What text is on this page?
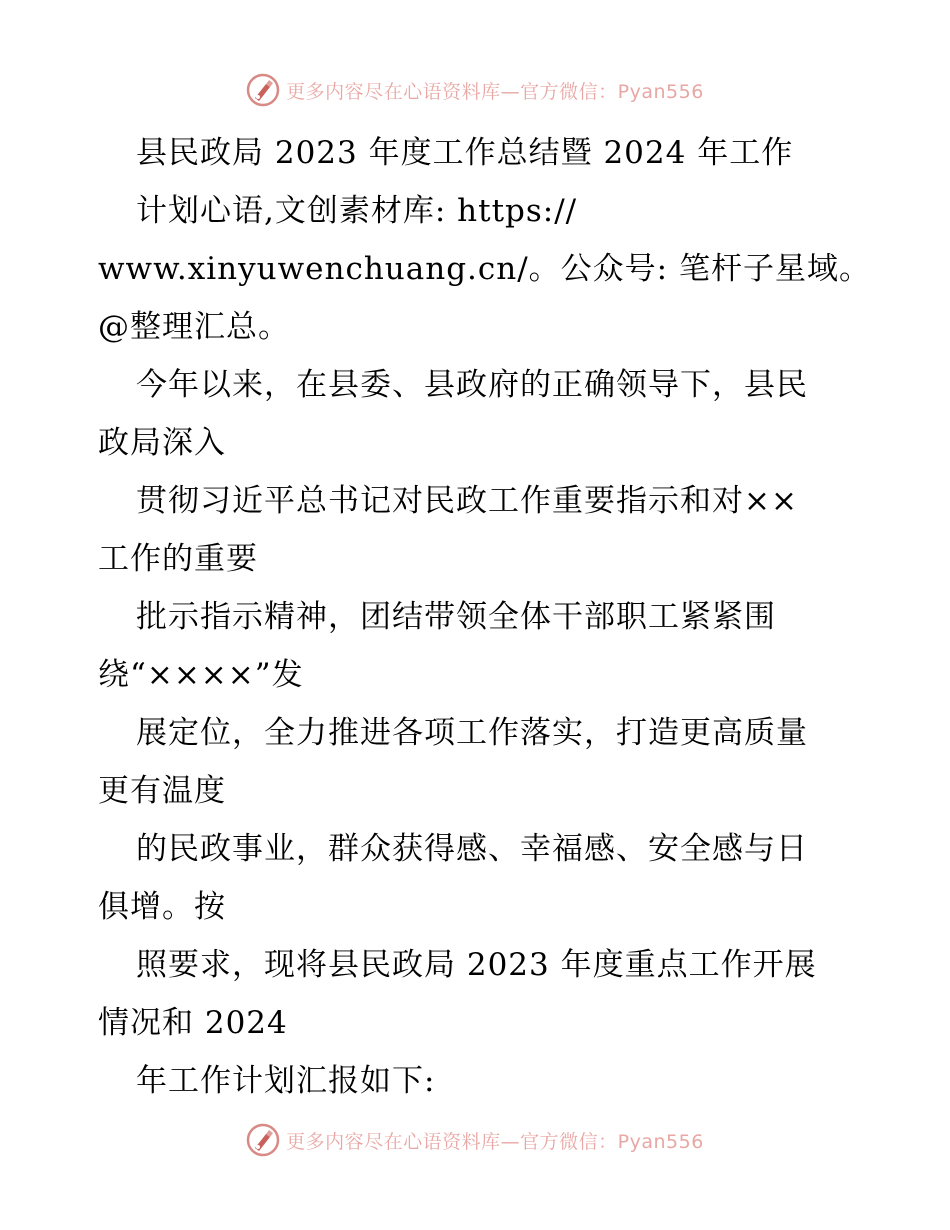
更多内容尽在心语资料库—官方微信：Pyan556
县民政局 2023 年度工作总结暨 2024 年工作
计划心语,文创素材库: https://
www.xinyuwenchuang.cn/。公众号: 笔杆子星域。
@整理汇总。
今年以来，在县委、县政府的正确领导下，县民
政局深入
贯彻习近平总书记对民政工作重要指示和对××
工作的重要
批示指示精神，团结带领全体干部职工紧紧围
绕“××××”发
展定位，全力推进各项工作落实，打造更高质量
更有温度
的民政事业，群众获得感、幸福感、安全感与日
俱增。按
照要求，现将县民政局 2023 年度重点工作开展
情况和 2024
年工作计划汇报如下:
更多内容尽在心语资料库—官方微信：Pyan556
